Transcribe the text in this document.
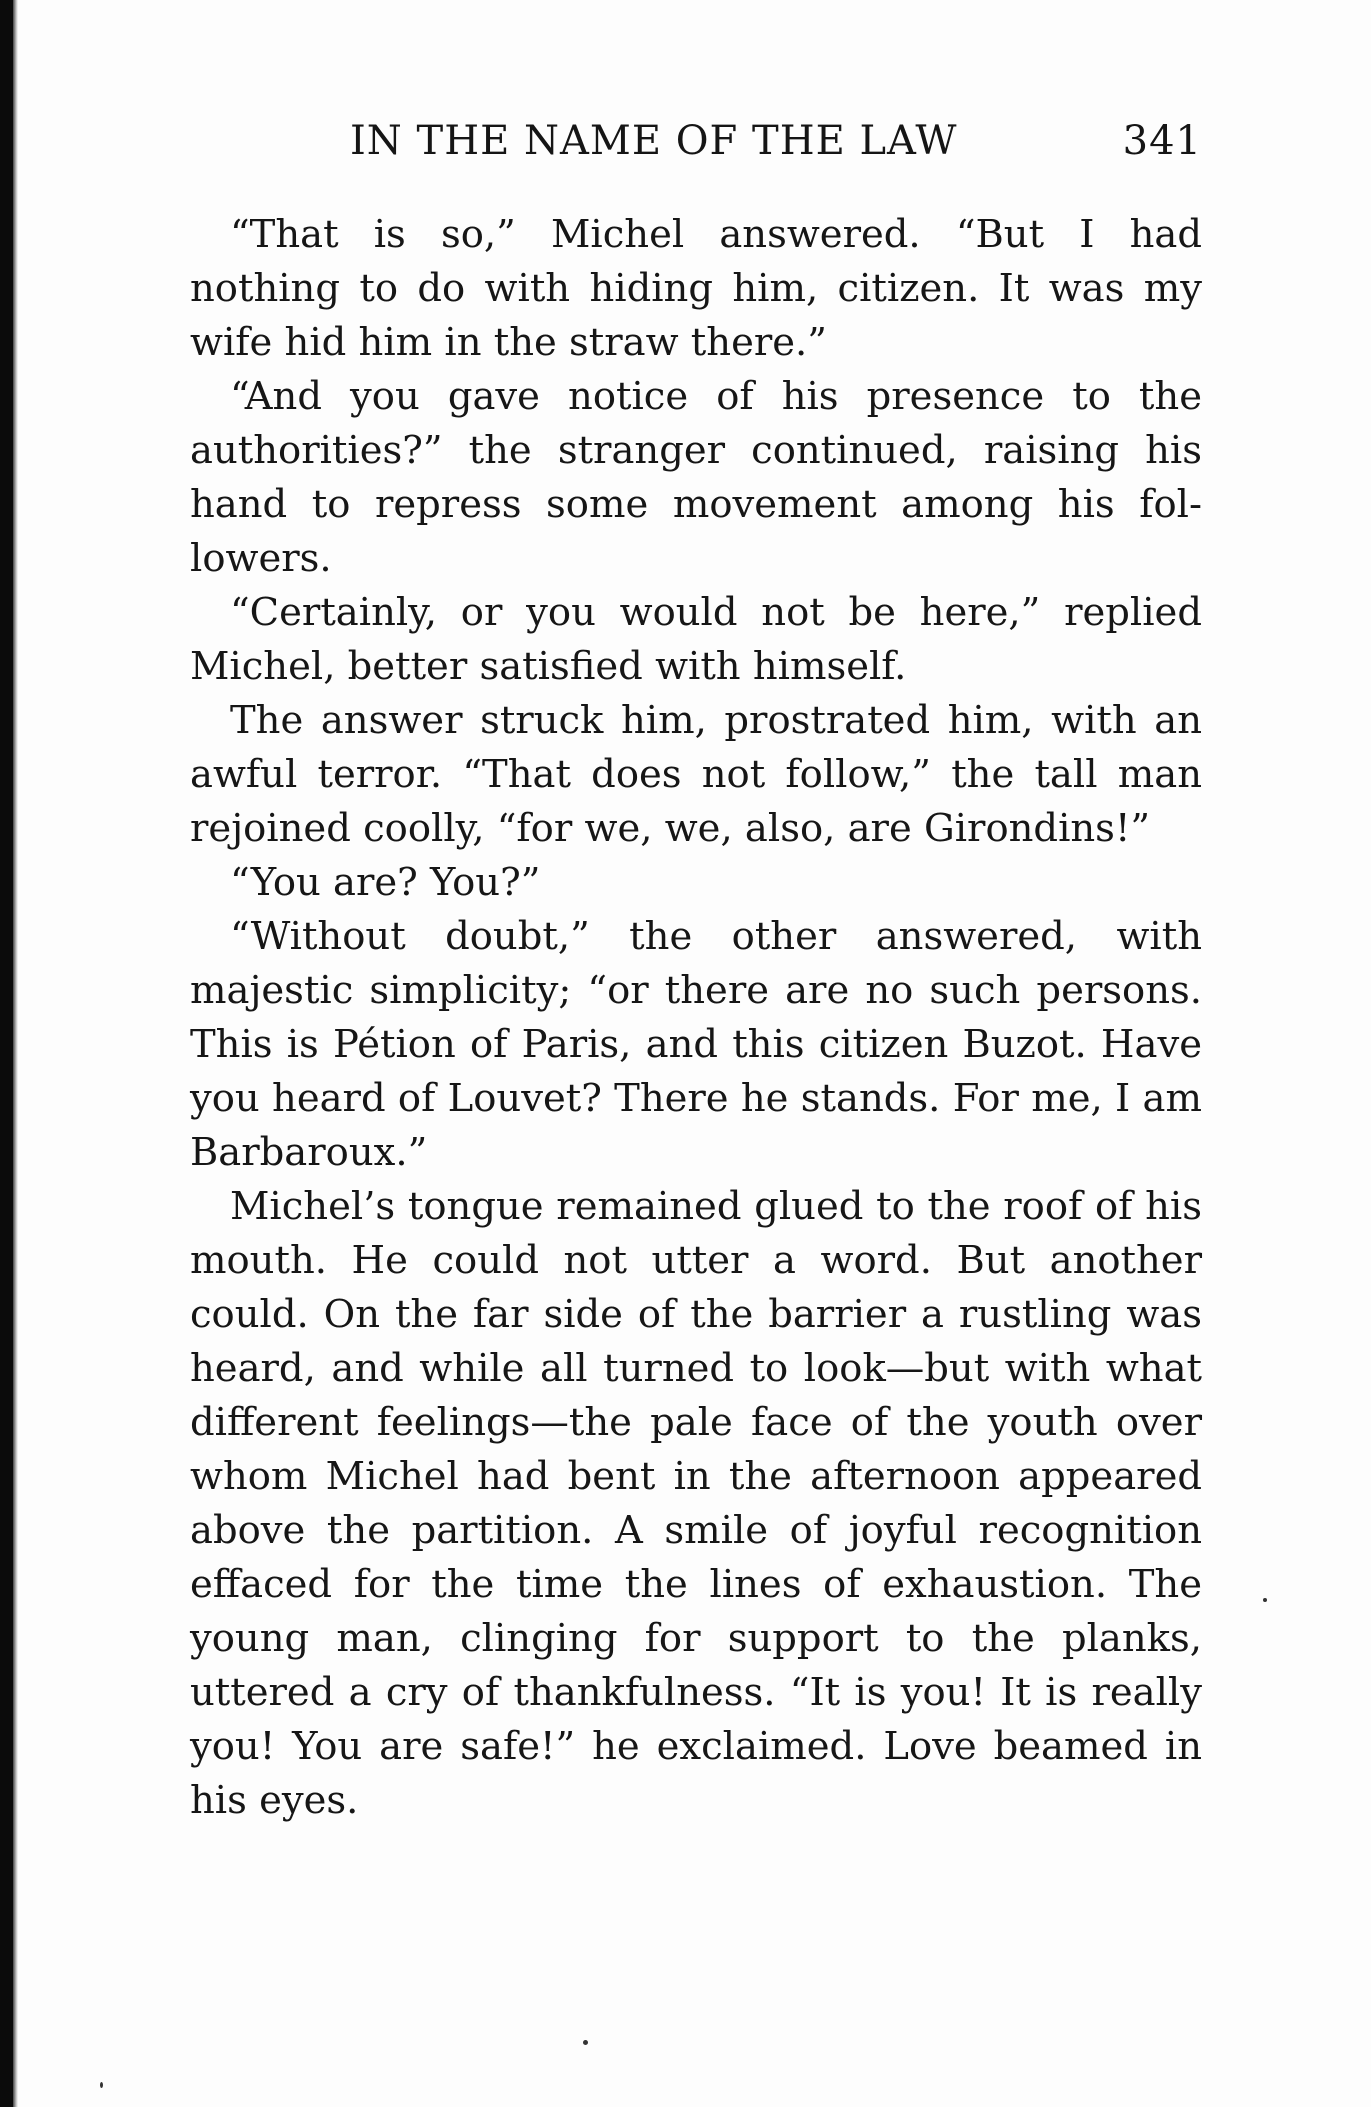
IN THE NAME OF THE LAW	341

“That is so,” Michel answered. “But I had nothing to do with hiding him, citizen. It was my wife hid him in the straw there.”

“And you gave notice of his presence to the authorities?” the stranger continued, raising his hand to repress some movement among his followers.

“Certainly, or you would not be here,” replied Michel, better satisfied with himself.

The answer struck him, prostrated him, with an awful terror. “That does not follow,” the tall man rejoined coolly, “for we, we, also, are Girondins!”

“You are? You?”

“Without doubt,” the other answered, with majestic simplicity; “or there are no such persons. This is Pétion of Paris, and this citizen Buzot. Have you heard of Louvet? There he stands. For me, I am Barbaroux.”

Michel’s tongue remained glued to the roof of his mouth. He could not utter a word. But another could. On the far side of the barrier a rustling was heard, and while all turned to look—but with what different feelings—the pale face of the youth over whom Michel had bent in the afternoon appeared above the partition. A smile of joyful recognition effaced for the time the lines of exhaustion. The young man, clinging for support to the planks, uttered a cry of thankfulness. “It is you! It is really you! You are safe!” he exclaimed. Love beamed in his eyes.
